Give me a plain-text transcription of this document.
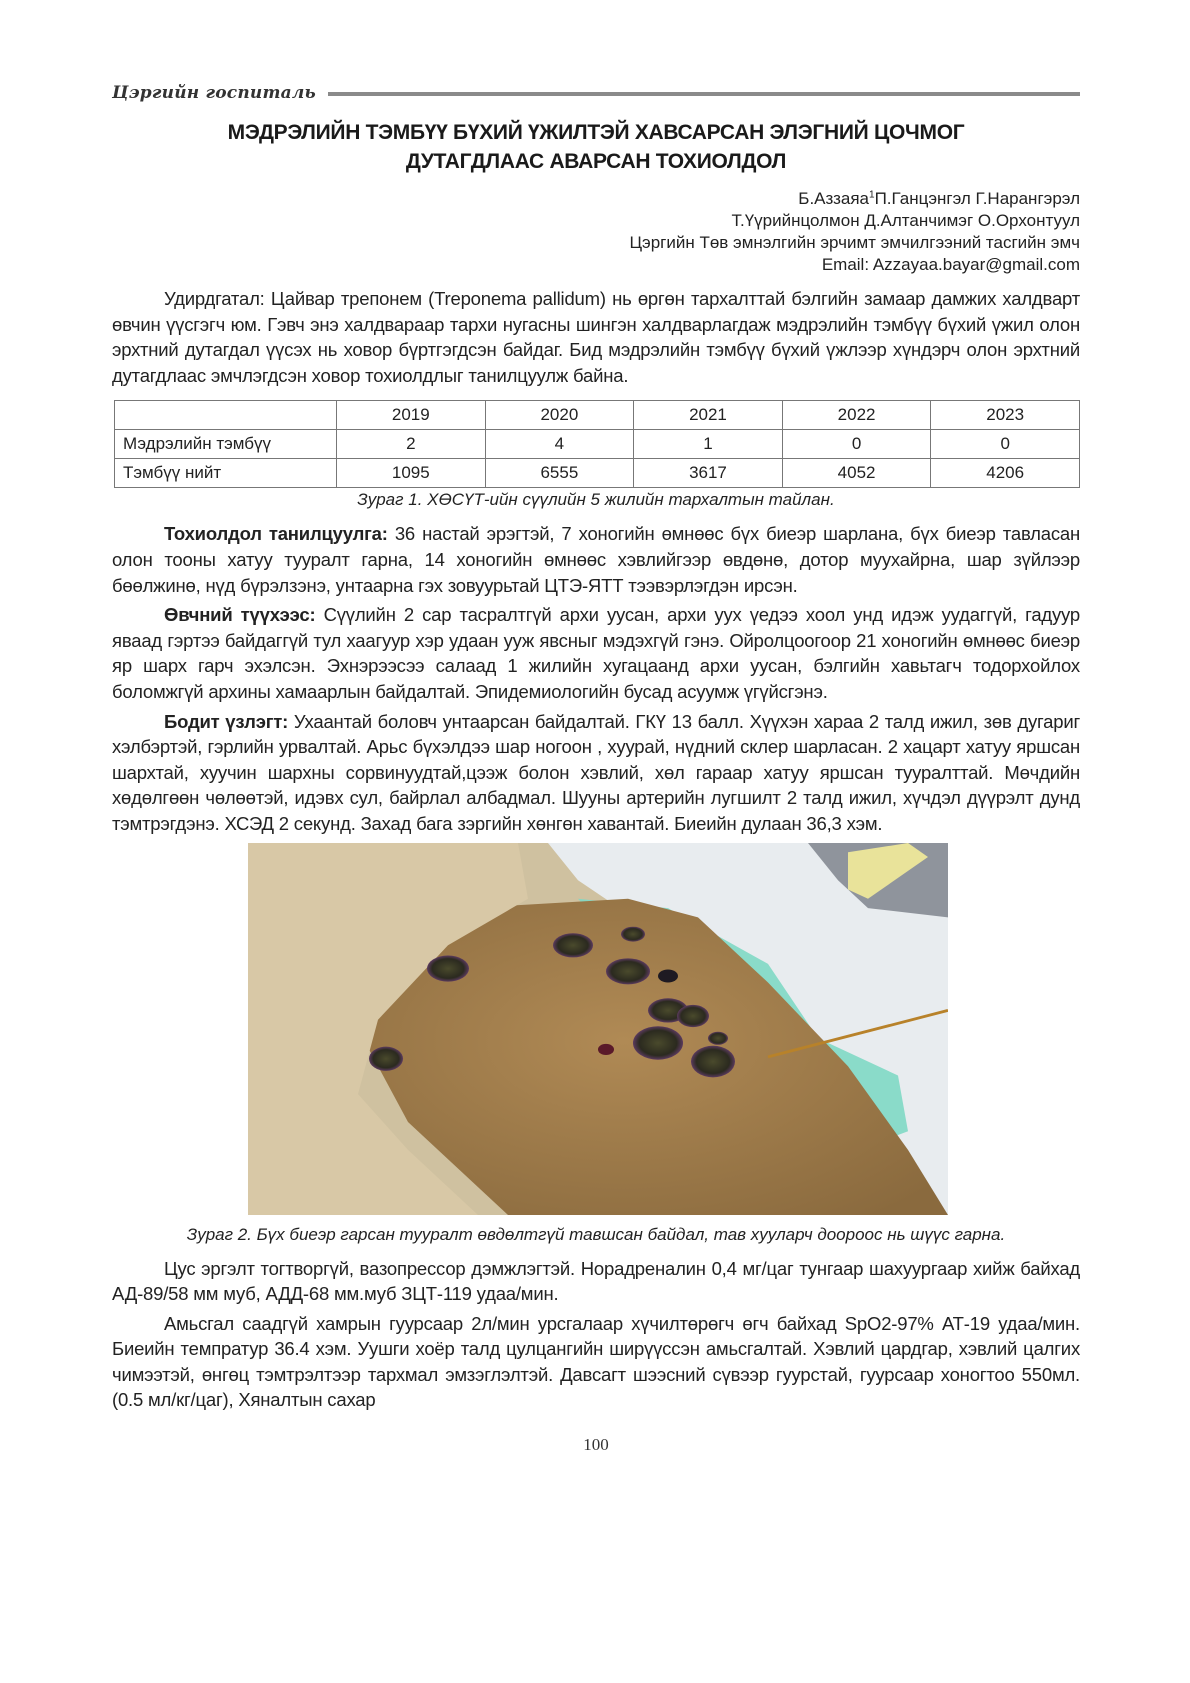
Цэргийн госпиталь
МЭДРЭЛИЙН ТЭМБҮҮ БҮХИЙ ҮЖИЛТЭЙ ХАВСАРСАН ЭЛЭГНИЙ ЦОЧМОГ
ДУТАГДЛААС АВАРСАН ТОХИОЛДОЛ
Б.Аззаяа$^1$П.Ганцэнгэл Г.Нарангэрэл
Т.Үүрийнцолмон Д.Алтанчимэг О.Орхонтуул
Цэргийн Төв эмнэлгийн эрчимт эмчилгээний тасгийн эмч
Email: Azzayaa.bayar@gmail.com

Удирдгатал: Цайвар трепонем (Treponema pallidum) нь өргөн тархалттай бэлгийн замаар дамжих халдварт өвчин үүсгэгч юм. Гэвч энэ халдвараар тархи нугасны шингэн халдварлагдаж мэдрэлийн тэмбүү бүхий үжил олон эрхтний дутагдал үүсэх нь ховор бүртгэгдсэн байдаг. Бид мэдрэлийн тэмбүү бүхий үжлээр хүндэрч олон эрхтний дутагдлаас эмчлэгдсэн ховор тохиолдлыг танилцуулж байна.

	2019	2020	2021	2022	2023
Мэдрэлийн тэмбүү	2	4	1	0	0
Тэмбүү нийт	1095	6555	3617	4052	4206
Зураг 1. ХӨСҮТ-ийн сүүлийн 5 жилийн тархалтын тайлан.

Тохиолдол танилцуулга: 36 настай эрэгтэй, 7 хоногийн өмнөөс бүх биеэр шарлана, бүх биеэр тавласан олон тооны хатуу тууралт гарна, 14 хоногийн өмнөөс хэвлийгээр өвдөнө, дотор муухайрна, шар зүйлээр бөөлжинө, нүд бүрэлзэнэ, унтаарна гэх зовуурьтай ЦТЭ-ЯТТ тээвэрлэгдэн ирсэн.

Өвчний түүхээс: Сүүлийн 2 сар тасралтгүй архи уусан, архи уух үедээ хоол унд идэж уудаггүй, гадуур яваад гэртээ байдаггүй тул хаагуур хэр удаан ууж явсныг мэдэхгүй гэнэ. Ойролцоогоор 21 хоногийн өмнөөс биеэр яр шарх гарч эхэлсэн. Эхнэрээсээ салаад 1 жилийн хугацаанд архи уусан, бэлгийн хавьтагч тодорхойлох боломжгүй архины хамаарлын байдалтай. Эпидемиологийн бусад асуумж үгүйсгэнэ.

Бодит үзлэгт: Ухаантай боловч унтаарсан байдалтай. ГКҮ 13 балл. Хүүхэн хараа 2 талд ижил, зөв дугариг хэлбэртэй, гэрлийн урвалтай. Арьс бүхэлдээ шар ногоон , хуурай, нүдний склер шарласан. 2 хацарт хатуу яршсан шархтай, хуучин шархны сорвинуудтай,цээж болон хэвлий, хөл гараар хатуу яршсан тууралттай. Мөчдийн хөдөлгөөн чөлөөтэй, идэвх сул, байрлал албадмал. Шууны артерийн лугшилт 2 талд ижил, хүчдэл дүүрэлт дунд тэмтрэгдэнэ. ХСЭД 2 секунд. Захад бага зэргийн хөнгөн хавантай. Биеийн дулаан 36,3 хэм.

Зураг 2. Бүх биеэр гарсан тууралт өвдөлтгүй тавшсан байдал, тав хууларч доороос нь шүүс гарна.

Цус эргэлт тогтворгүй, вазопрессор дэмжлэгтэй. Норадреналин 0,4 мг/цаг тунгаар шахуургаар хийж байхад АД-89/58 мм муб, АДД-68 мм.муб ЗЦТ-119 удаа/мин.

Амьсгал саадгүй хамрын гуурсаар 2л/мин урсгалаар хүчилтөрөгч өгч байхад SpO2-97% АТ-19 удаа/мин. Биеийн темпратур 36.4 хэм. Уушги хоёр талд цулцангийн ширүүссэн амьсгалтай. Хэвлий цардгар, хэвлий цалгих чимээтэй, өнгөц тэмтрэлтээр тархмал эмзэглэлтэй. Давсагт шээсний сүвээр гуурстай, гуурсаар хоногтоо 550мл. (0.5 мл/кг/цаг), Хяналтын сахар

100
